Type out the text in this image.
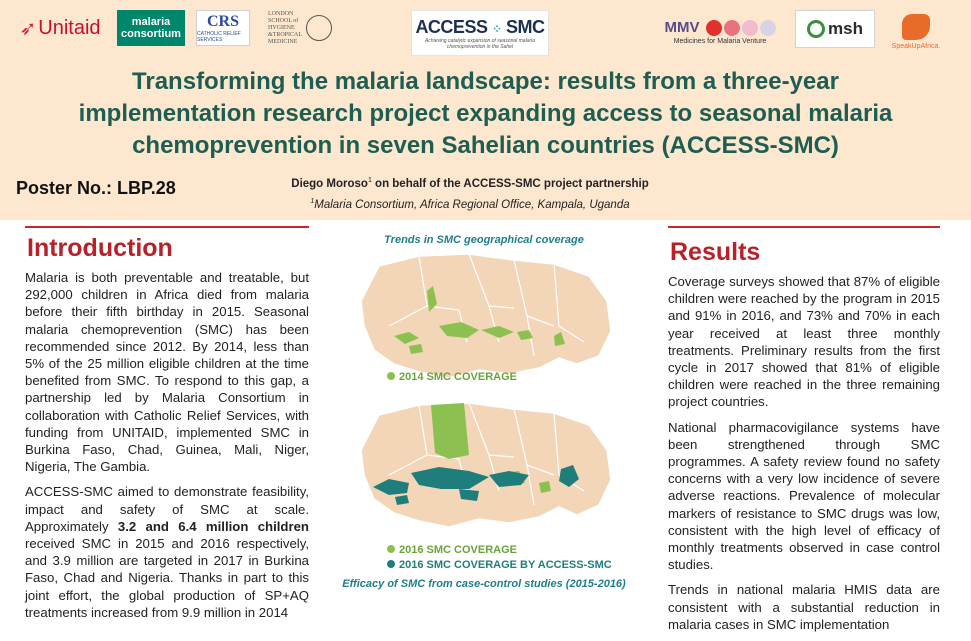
➶ Unitaid	malaria
consortium
CRS
CATHOLIC RELIEF SERVICES
LONDON
SCHOOL of
HYGIENE
&TROPICAL
MEDICINE
ACCESS ⁘ SMC
Achieving catalytic expansion of seasonal malaria chemoprevention in the Sahel
MMV
Medicines for Malaria Venture
msh
SpeakUpAfrica.
Transforming the malaria landscape: results from a three-year
implementation research project expanding access to seasonal malaria
chemoprevention in seven Sahelian countries (ACCESS-SMC)
Poster No.: LBP.28	Diego Moroso$^1$ on behalf of the ACCESS-SMC project partnership
$^1$Malaria Consortium, Africa Regional Office, Kampala, Uganda
Introduction

Malaria is both preventable and treatable, but 292,000 children in Africa died from malaria before their fifth birthday in 2015. Seasonal malaria chemoprevention (SMC) has been recommended since 2012. By 2014, less than 5% of the 25 million eligible children at the time benefited from SMC. To respond to this gap, a partnership led by Malaria Consortium in collaboration with Catholic Relief Services, with funding from UNITAID, implemented SMC in Burkina Faso, Chad, Guinea, Mali, Niger, Nigeria, The Gambia.

ACCESS-SMC aimed to demonstrate feasibility, impact and safety of SMC at scale. Approximately 3.2 and 6.4 million children received SMC in 2015 and 2016 respectively, and 3.9 million are targeted in 2017 in Burkina Faso, Chad and Nigeria. Thanks in part to this joint effort, the global production of SP+AQ treatments increased from 9.9 million in 2014

Trends in SMC geographical coverage
2014 SMC COVERAGE

2016 SMC COVERAGE
2016 SMC COVERAGE BY ACCESS-SMC
Efficacy of SMC from case-control studies (2015-2016)
Results

Coverage surveys showed that 87% of eligible children were reached by the program in 2015 and 91% in 2016, and 73% and 70% in each year received at least three monthly treatments. Preliminary results from the first cycle in 2017 showed that 81% of eligible children were reached in the three remaining project countries.

National pharmacovigilance systems have been strengthened through SMC programmes. A safety review found no safety concerns with a very low incidence of severe adverse reactions. Prevalence of molecular markers of resistance to SMC drugs was low, consistent with the high level of efficacy of monthly treatments observed in case control studies.

Trends in national malaria HMIS data are consistent with a substantial reduction in malaria cases in SMC implementation
